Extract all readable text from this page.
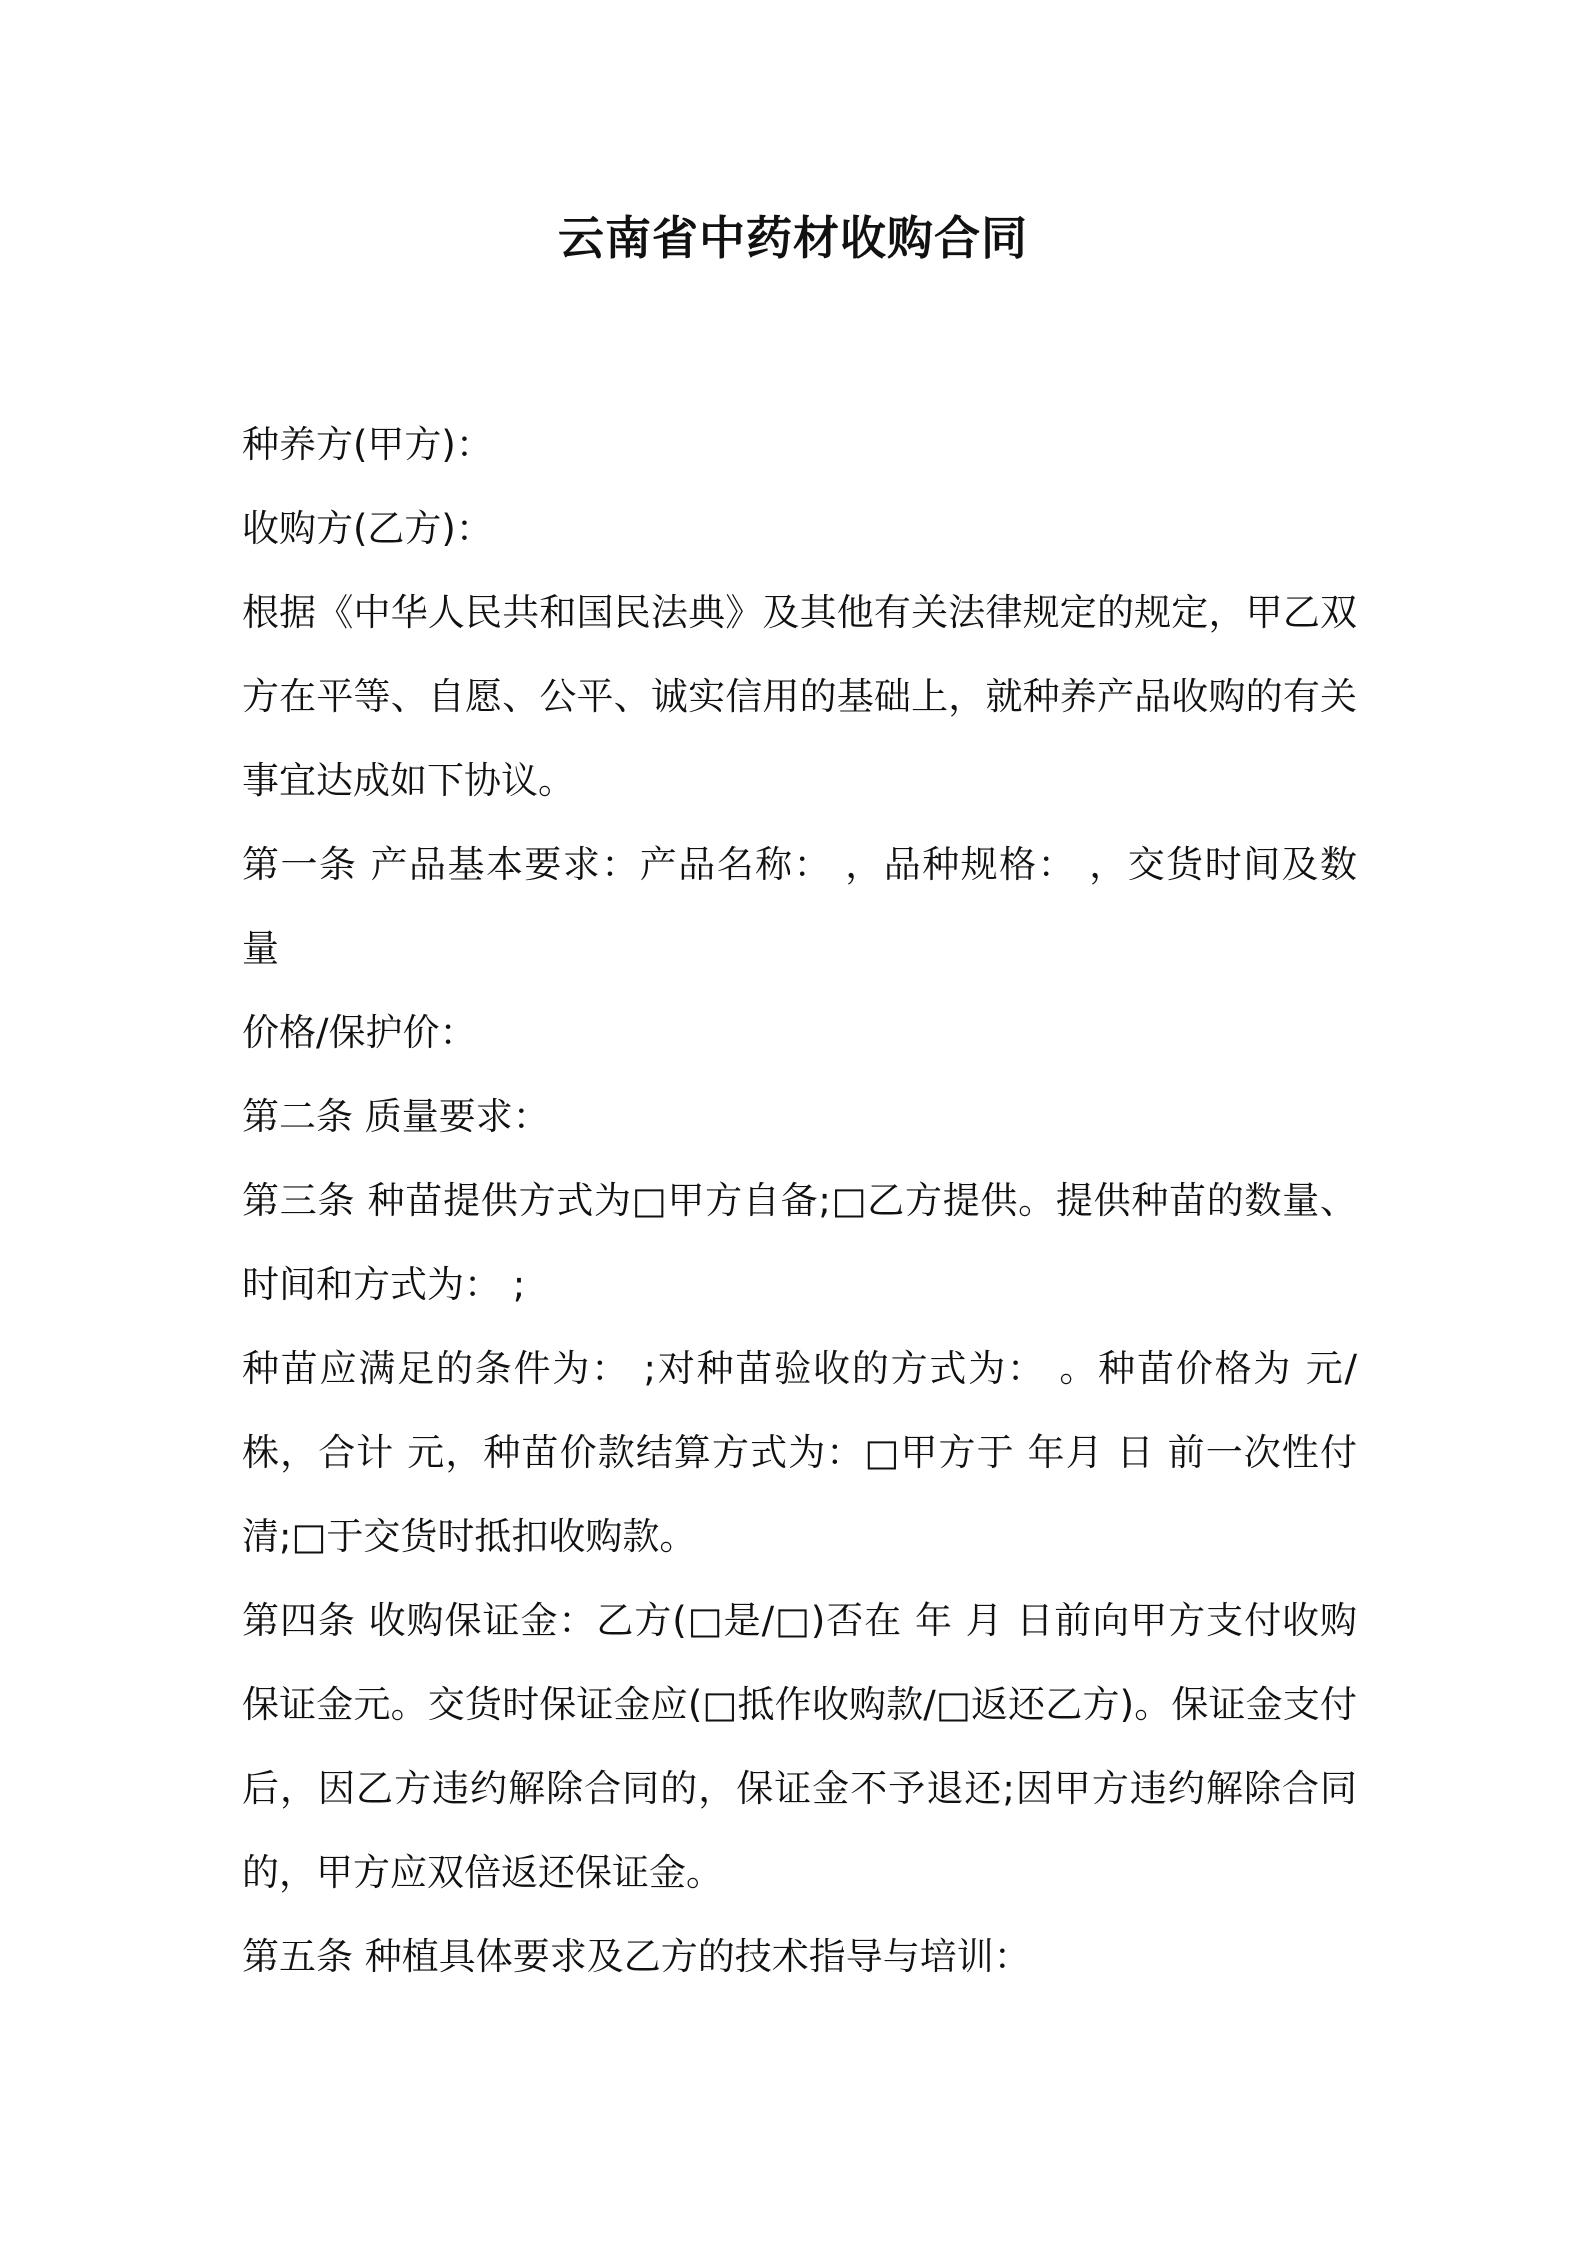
云南省中药材收购合同
种养方(甲方)：
收购方(乙方)：
根据《中华人民共和国民法典》及其他有关法律规定的规定，甲乙双
方在平等、自愿、公平、诚实信用的基础上，就种养产品收购的有关
事宜达成如下协议。
第一条 产品基本要求：产品名称： ，品种规格： ，交货时间及数
量
价格/保护价：
第二条 质量要求：
第三条 种苗提供方式为□甲方自备;□乙方提供。提供种苗的数量、
时间和方式为： ;
种苗应满足的条件为： ;对种苗验收的方式为： 。种苗价格为 元/
株，合计 元，种苗价款结算方式为：□甲方于 年月 日 前一次性付
清;□于交货时抵扣收购款。
第四条 收购保证金：乙方(□是/□)否在 年 月 日前向甲方支付收购
保证金元。交货时保证金应(□抵作收购款/□返还乙方)。保证金支付
后，因乙方违约解除合同的，保证金不予退还;因甲方违约解除合同
的，甲方应双倍返还保证金。
第五条 种植具体要求及乙方的技术指导与培训：
